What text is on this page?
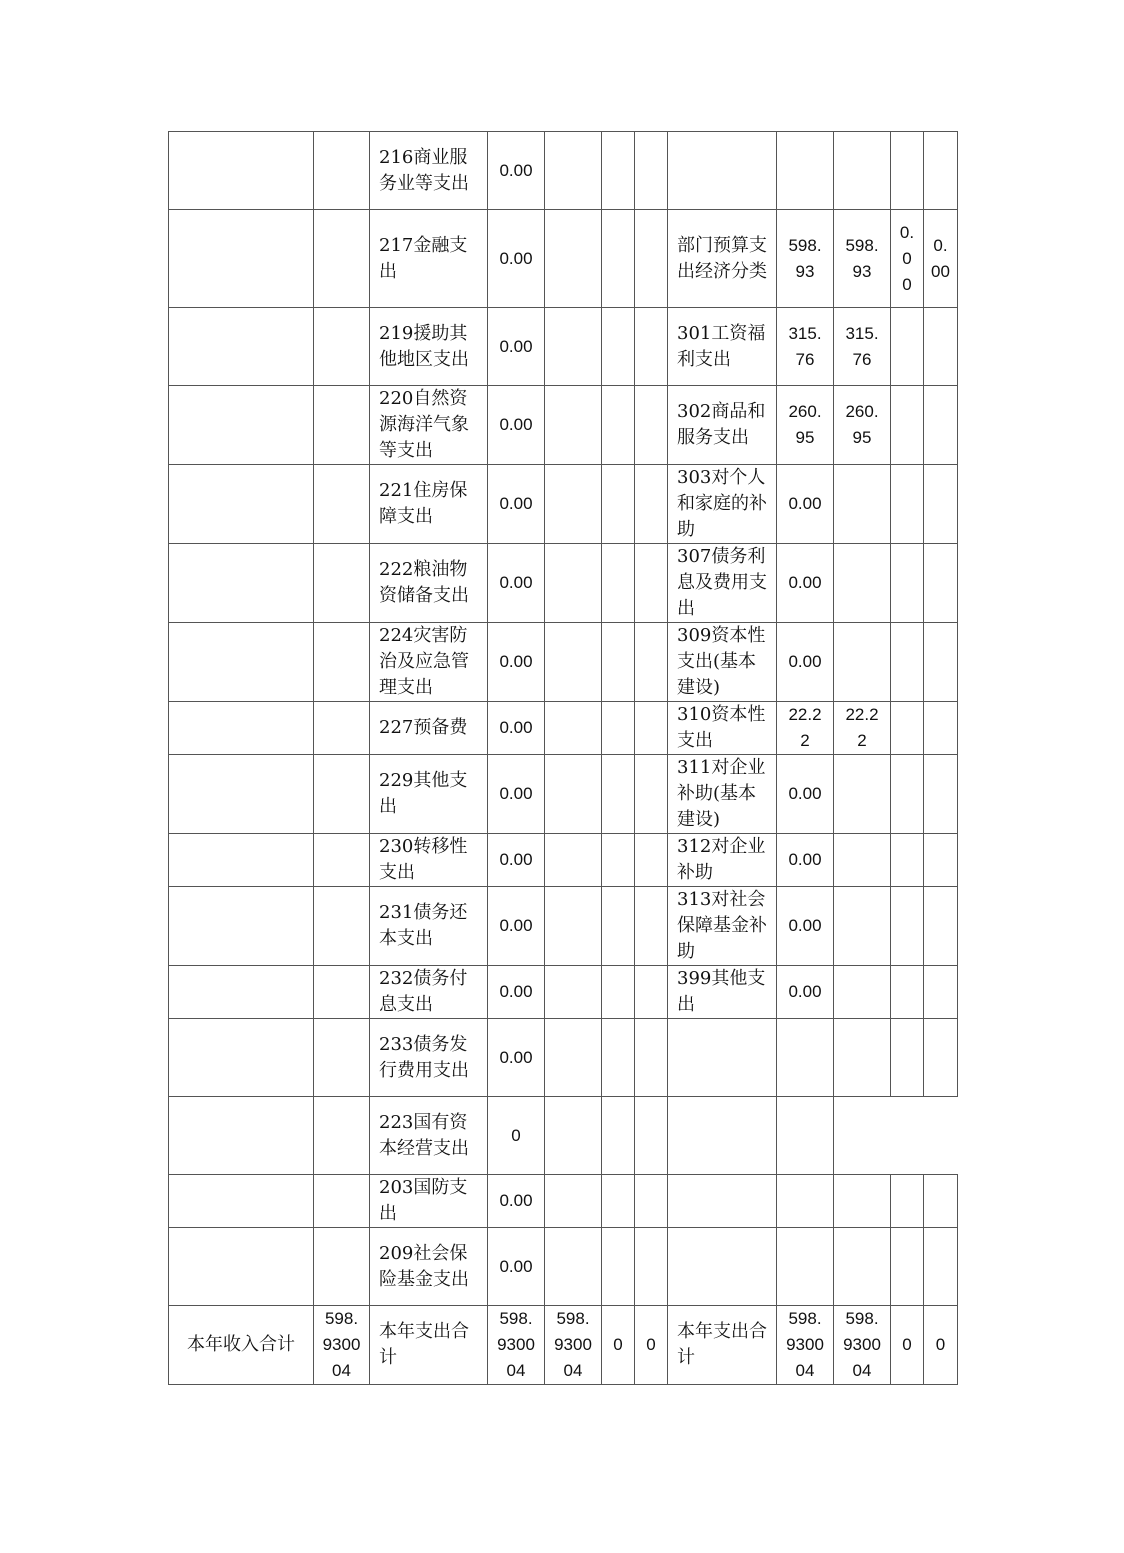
		216商业服务业等支出	0.00								
		217金融支出	0.00				部门预算支出经济分类	598.93	598.93	0.00	0.00
		219援助其他地区支出	0.00				301工资福利支出	315.76	315.76		
		220自然资源海洋气象等支出	0.00				302商品和服务支出	260.95	260.95		
		221住房保障支出	0.00				303对个人和家庭的补助	0.00			
		222粮油物资储备支出	0.00				307债务利息及费用支出	0.00			
		224灾害防治及应急管理支出	0.00				309资本性支出(基本建设)	0.00			
		227预备费	0.00				310资本性支出	22.22	22.22		
		229其他支出	0.00				311对企业补助(基本建设)	0.00			
		230转移性支出	0.00				312对企业补助	0.00			
		231债务还本支出	0.00				313对社会保障基金补助	0.00			
		232债务付息支出	0.00				399其他支出	0.00			
		233债务发行费用支出	0.00								
		223国有资本经营支出	0								
		203国防支出	0.00								
		209社会保险基金支出	0.00								
本年收入合计	598.930004	本年支出合计	598.930004	598.930004	0	0	本年支出合计	598.930004	598.930004	0	0
